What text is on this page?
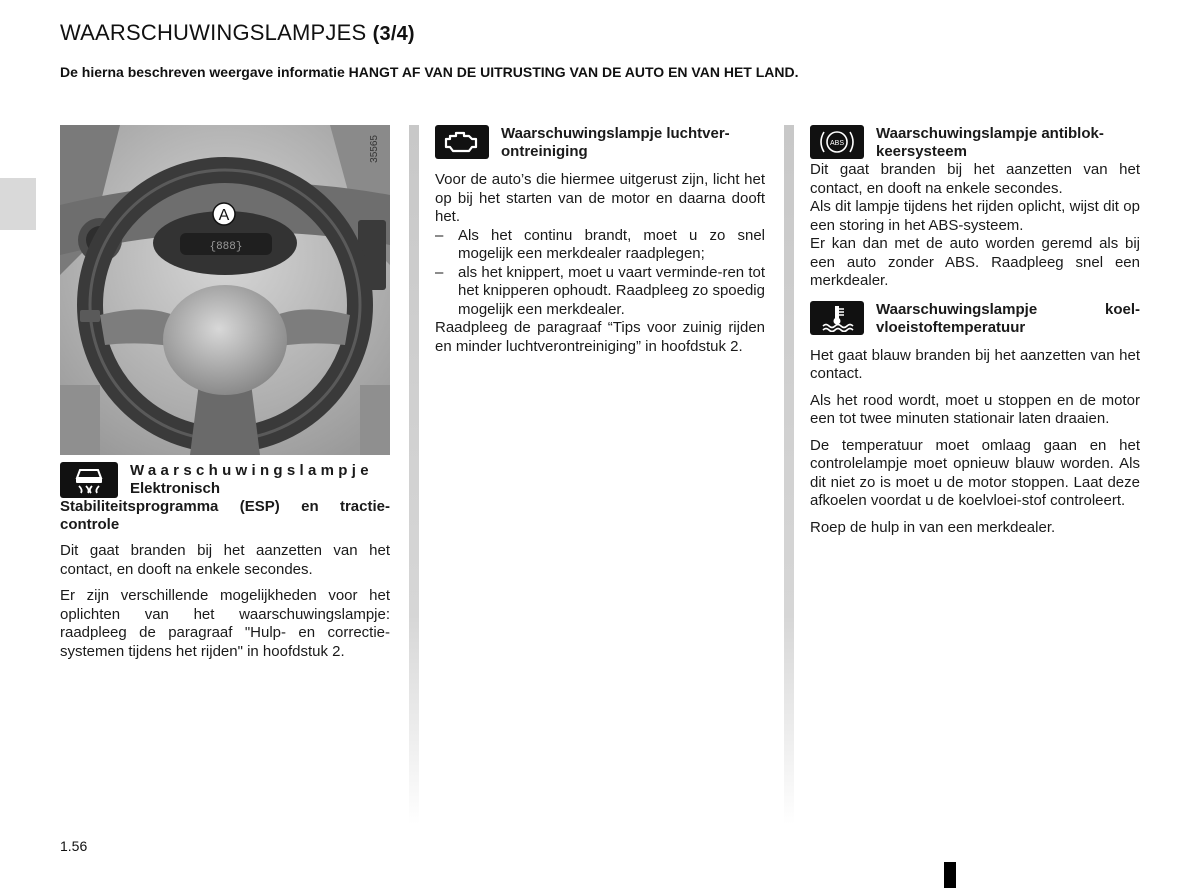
WAARSCHUWINGSLAMPJES (3/4)
De hierna beschreven weergave informatie HANGT AF VAN DE UITRUSTING VAN DE AUTO EN VAN HET LAND.
{888}
A
35565
Waarschuwingslampje
Elektronisch

Stabiliteitsprogramma (ESP) en tractie-controle

Dit gaat branden bij het aanzetten van het contact, en dooft na enkele secondes.

Er zijn verschillende mogelijkheden voor het oplichten van het waarschuwingslampje: raadpleeg de paragraaf "Hulp- en correctie-systemen tijdens het rijden" in hoofdstuk 2.

Waarschuwingslampje luchtver-ontreiniging

Voor de auto’s die hiermee uitgerust zijn, licht het op bij het starten van de motor en daarna dooft het.

– Als het continu brandt, moet u zo snel mogelijk een merkdealer raadplegen;
– als het knippert, moet u vaart verminde-ren tot het knipperen ophoudt. Raadpleeg zo spoedig mogelijk een merkdealer.

Raadpleeg de paragraaf “Tips voor zuinig rijden en minder luchtverontreiniging” in hoofdstuk 2.

ABS
Waarschuwingslampje antiblok-keersysteem

Dit gaat branden bij het aanzetten van het contact, en dooft na enkele secondes.

Als dit lampje tijdens het rijden oplicht, wijst dit op een storing in het ABS-systeem.

Er kan dan met de auto worden geremd als bij een auto zonder ABS. Raadpleeg snel een merkdealer.

Waarschuwingslampje koel-vloeistoftemperatuur

Het gaat blauw branden bij het aanzetten van het contact.

Als het rood wordt, moet u stoppen en de motor een tot twee minuten stationair laten draaien.

De temperatuur moet omlaag gaan en het controlelampje moet opnieuw blauw worden. Als dit niet zo is moet u de motor stoppen. Laat deze afkoelen voordat u de koelvloei-stof controleert.

Roep de hulp in van een merkdealer.

1.56
